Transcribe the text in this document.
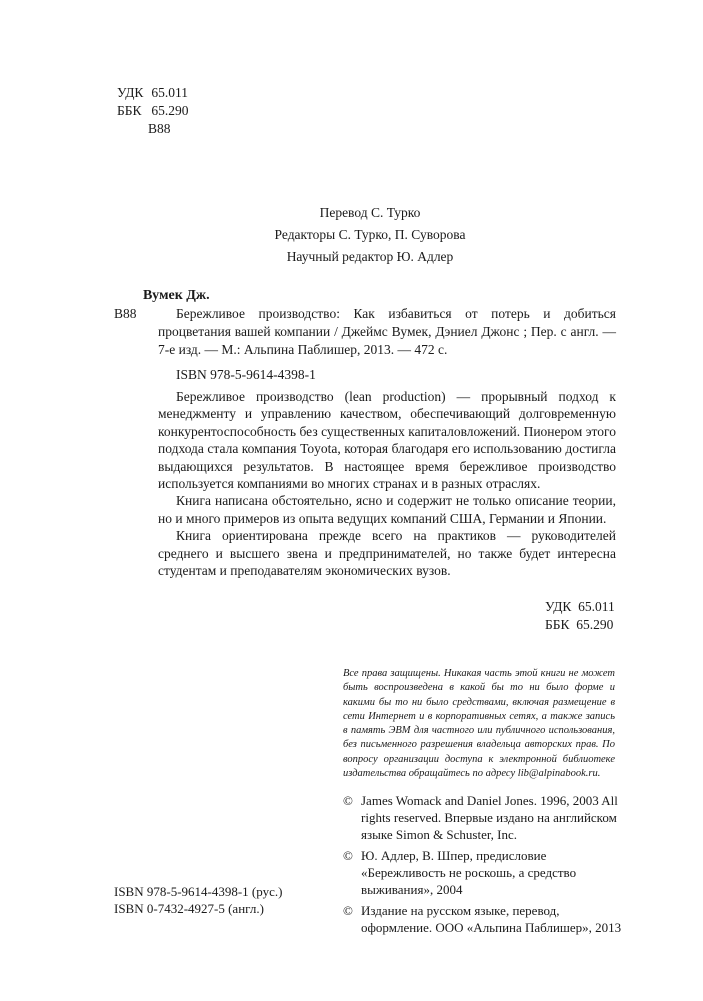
УДК 65.011
ББК 65.290
В88
Перевод С. Турко
Редакторы С. Турко, П. Суворова
Научный редактор Ю. Адлер
Вумек Дж.
В88	Бережливое производство: Как избавиться от потерь и добиться процветания вашей компании / Джеймс Вумек, Дэниел Джонс ; Пер. с англ. — 7-е изд. — М.: Альпина Паблишер, 2013. — 472 с.
ISBN 978-5-9614-4398-1

Бережливое производство (lean production) — прорывный подход к менеджменту и управлению качеством, обеспечивающий долговременную конкурентоспособность без существенных капиталовложений. Пионером этого подхода стала компания Toyota, которая благодаря его использованию достигла выдающихся результатов. В настоящее время бережливое производство используется компаниями во многих странах и в разных отраслях.

Книга написана обстоятельно, ясно и содержит не только описание теории, но и много примеров из опыта ведущих компаний США, Германии и Японии.

Книга ориентирована прежде всего на практиков — руководителей среднего и высшего звена и предпринимателей, но также будет интересна студентам и преподавателям экономических вузов.

УДК 65.011
ББК 65.290
Все права защищены. Никакая часть этой книги не может быть воспроизведена в какой бы то ни было форме и какими бы то ни было средствами, включая размещение в сети Интернет и в корпоративных сетях, а также запись в память ЭВМ для частного или публичного использования, без письменного разрешения владельца авторских прав. По вопросу организации доступа к электронной библиотеке издательства обращайтесь по адресу lib@alpinabook.ru.
© James Womack and Daniel Jones. 1996, 2003 All rights reserved. Впервые издано на английском языке Simon & Schuster, Inc.
© Ю. Адлер, В. Шпер, предисловие «Бережливость не роскошь, а средство выживания», 2004
© Издание на русском языке, перевод, оформление. ООО «Альпина Паблишер», 2013
ISBN 978-5-9614-4398-1 (рус.)
ISBN 0-7432-4927-5 (англ.)
